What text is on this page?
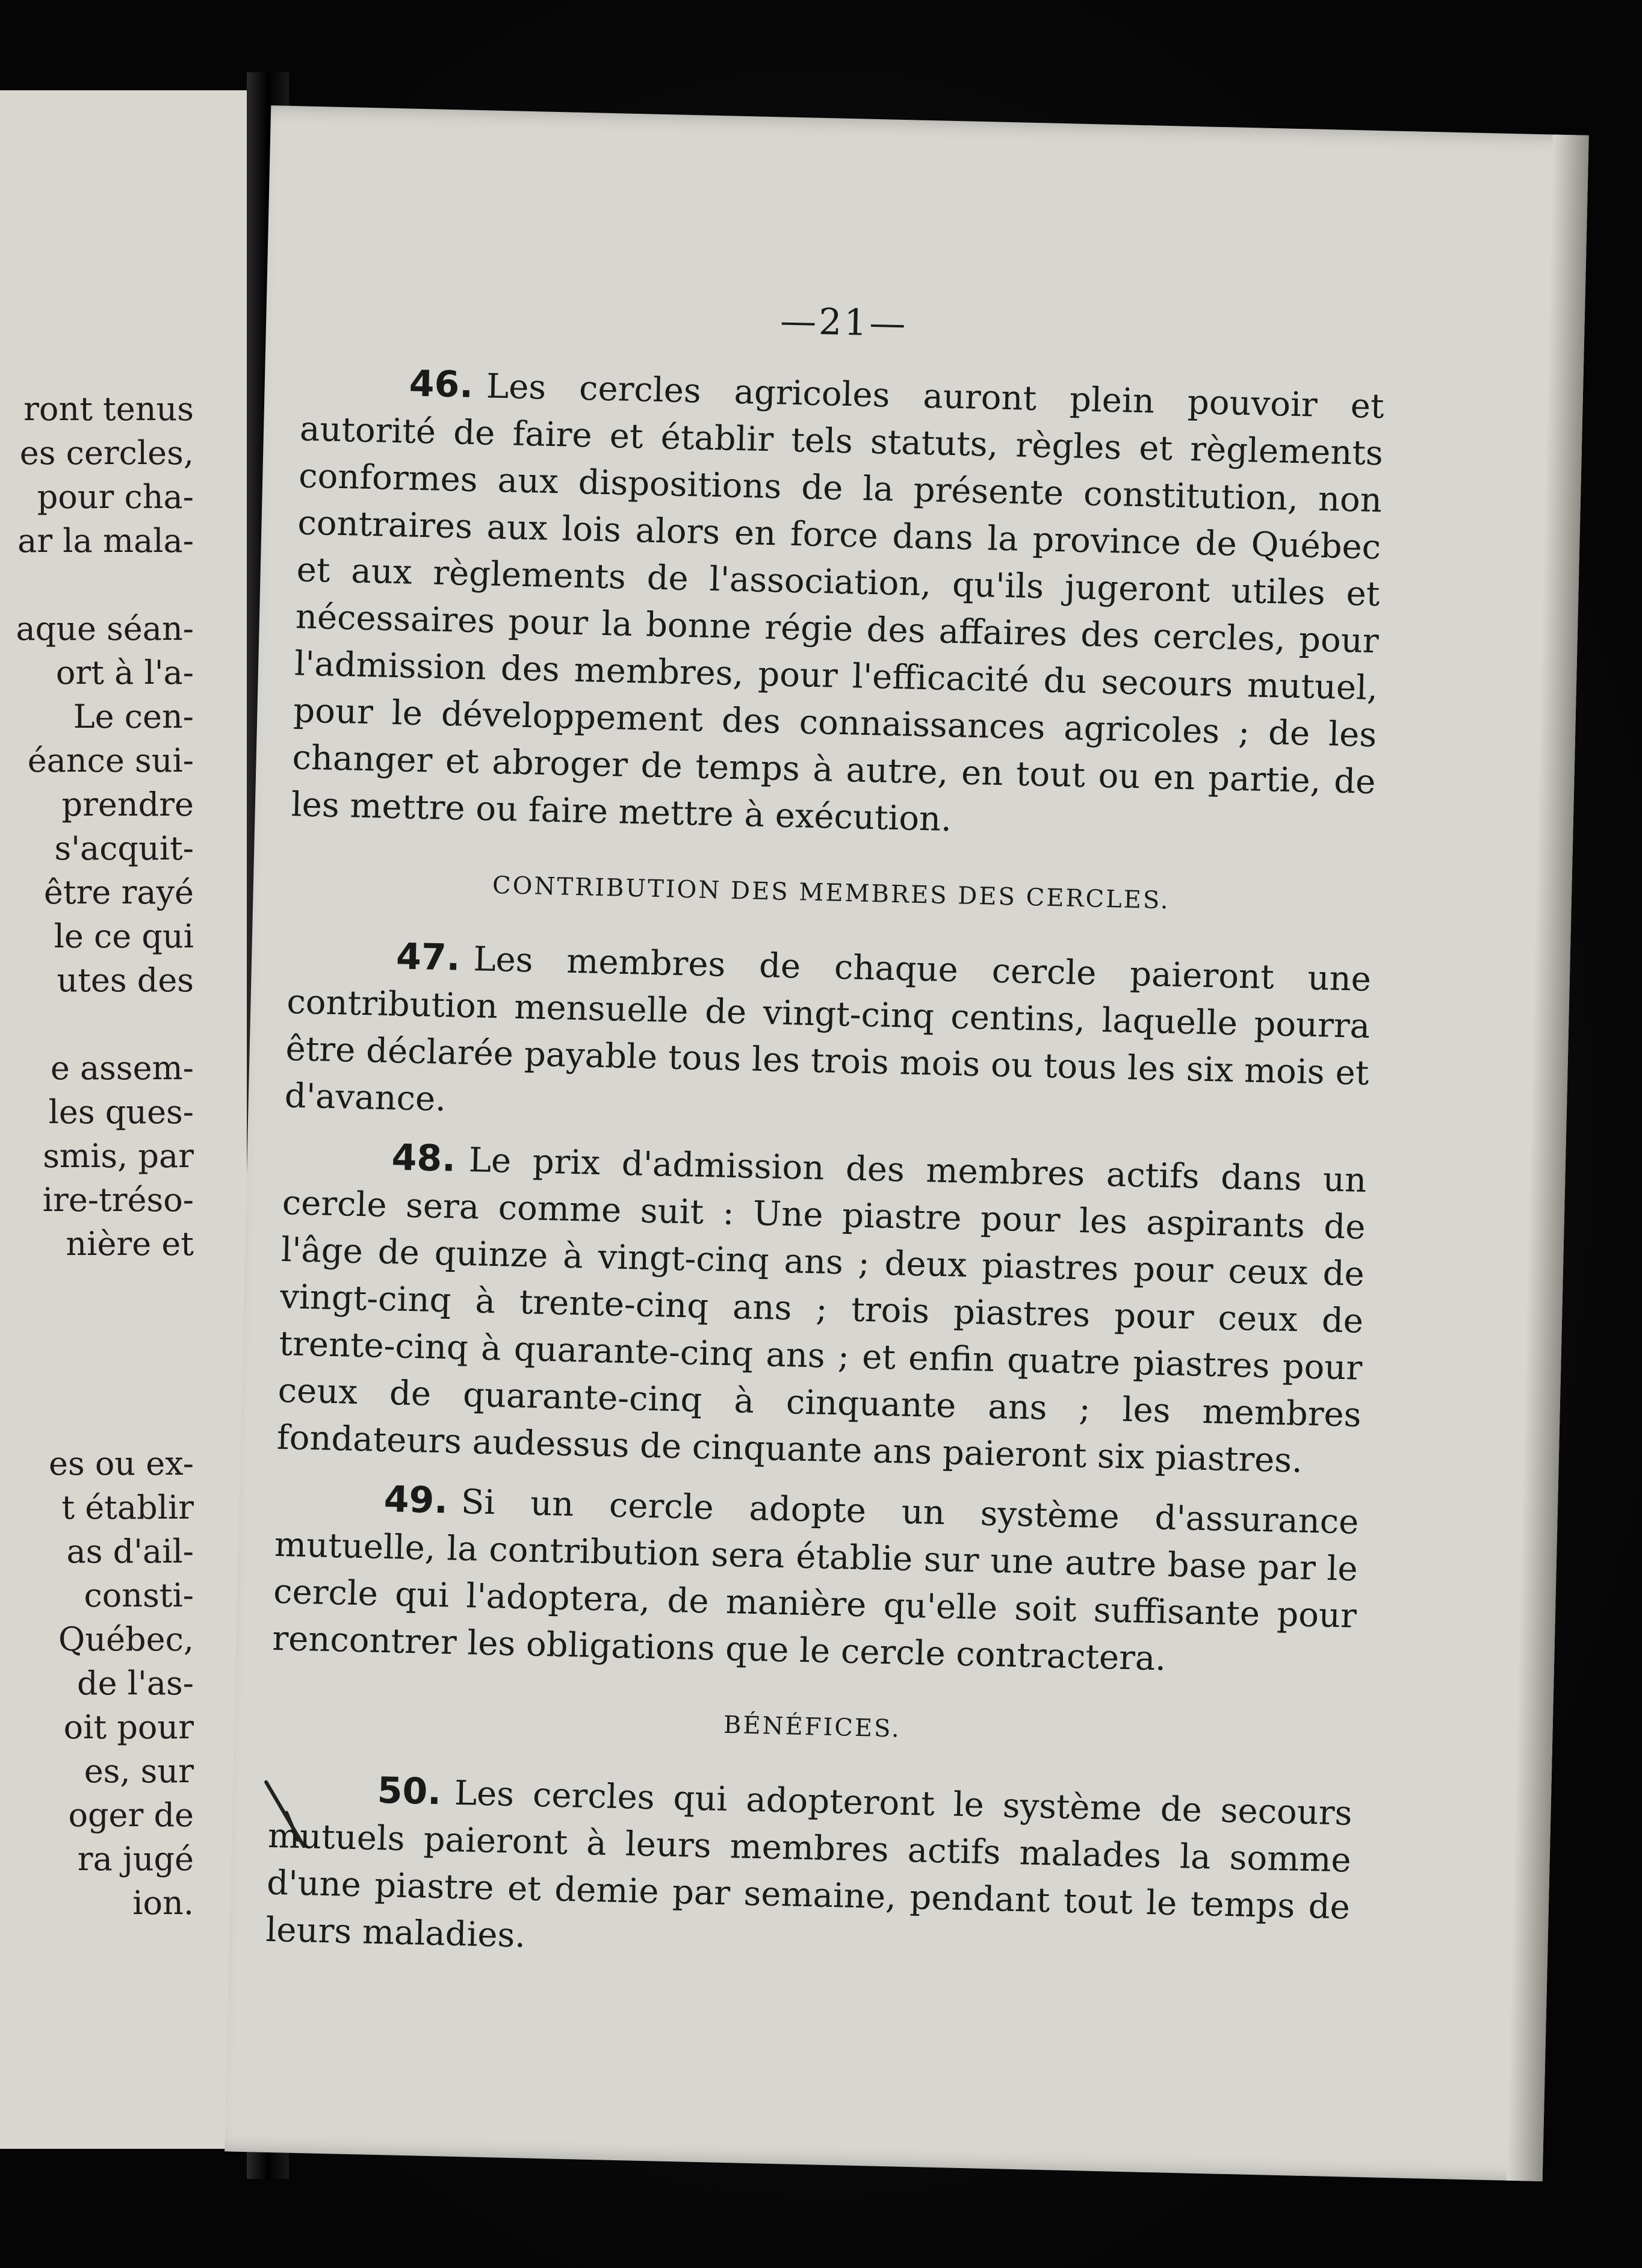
ront tenus
es cercles,
pour cha-
ar la mala-
aque séan-
ort à l'a-
Le cen-
éance sui-
prendre
s'acquit-
être rayé
le ce qui
utes des
e assem-
les ques-
smis, par
ire-tréso-
nière et
es ou ex-
t établir
as d'ail-
consti-
Québec,
de l'as-
oit pour
es, sur
oger de
ra jugé
ion.
—21—

46. Les cercles agricoles auront plein pouvoir et autorité de faire et établir tels statuts, règles et règlements conformes aux dispositions de la présente constitution, non contraires aux lois alors en force dans la province de Québec et aux règlements de l'association, qu'ils jugeront utiles et nécessaires pour la bonne régie des affaires des cercles, pour l'admission des membres, pour l'efficacité du secours mutuel, pour le développement des connaissances agricoles ; de les changer et abroger de temps à autre, en tout ou en partie, de les mettre ou faire mettre à exécution.

CONTRIBUTION DES MEMBRES DES CERCLES.

47. Les membres de chaque cercle paieront une contribution mensuelle de vingt-cinq centins, laquelle pourra être déclarée payable tous les trois mois ou tous les six mois et d'avance.

48. Le prix d'admission des membres actifs dans un cercle sera comme suit : Une piastre pour les aspirants de l'âge de quinze à vingt-cinq ans ; deux piastres pour ceux de vingt-cinq à trente-cinq ans ; trois piastres pour ceux de trente-cinq à quarante-cinq ans ; et enfin quatre piastres pour ceux de quarante-cinq à cinquante ans ; les membres fondateurs audessus de cinquante ans paieront six piastres.

49. Si un cercle adopte un système d'assurance mutuelle, la contribution sera établie sur une autre base par le cercle qui l'adoptera, de manière qu'elle soit suffisante pour rencontrer les obligations que le cercle contractera.

BÉNÉFICES.

50. Les cercles qui adopteront le système de secours mutuels paieront à leurs membres actifs malades la somme d'une piastre et demie par semaine, pendant tout le temps de leurs maladies.
